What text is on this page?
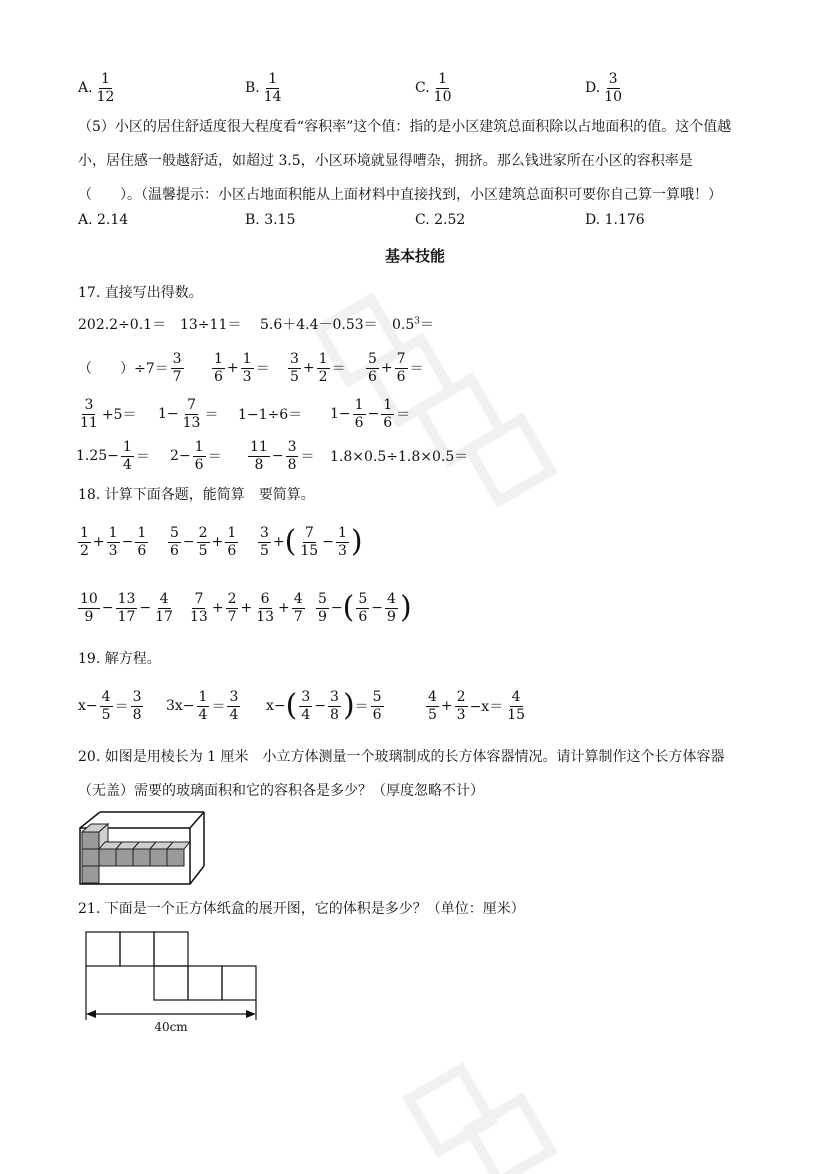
A. $\frac{1}{12}$	B. $\frac{1}{14}$	C. $\frac{1}{10}$	D. $\frac{3}{10}$

（5）小区的居住舒适度很大程度看“容积率”这个值：指的是小区建筑总面积除以占地面积的值。这个值越小，居住感一般越舒适，如超过 3.5，小区环境就显得嘈杂，拥挤。那么钱进家所在小区的容积率是（　　）。（温馨提示：小区占地面积能从上面材料中直接找到，小区建筑总面积可要你自己算一算哦！）

A. 2.14	B. 3.15	C. 2.52	D. 1.176
基本技能
17. 直接写出得数。
$202.2\div 0.1= 13\div 11= 5.6+4.4-0.53= 0.5^3=$
（　　）$\div 7= \frac{3}{7} \frac{1}{6} + \frac{1}{3} = \frac{3}{5} + \frac{1}{2} = \frac{5}{6} + \frac{7}{6}$ ＝
$\frac{3}{11} +5= 1- \frac{7}{13} = 1-1\div 6= 1- \frac{1}{6} - \frac{1}{6}$ ＝
$1.25- \frac{1}{4} = 2- \frac{1}{6} = \frac{11}{8} - \frac{3}{8} = 1.8\times 0.5\div 1.8\times 0.5=$
18. 计算下面各题，能简算　要简算。
$\frac{1}{2} + \frac{1}{3} - \frac{1}{6} \frac{5}{6} - \frac{2}{5} + \frac{1}{6} \frac{3}{5}$ + ( $\frac{7}{15} - \frac{1}{3}$ )
$\frac{10}{9} - \frac{13}{17} - \frac{4}{17} \frac{7}{13} + \frac{2}{7} + \frac{6}{13} + \frac{4}{7} \frac{5}{9}$ − ( $\frac{5}{6} - \frac{4}{9}$ )
19. 解方程。
$x- \frac{4}{5} = \frac{3}{8} 3x- \frac{1}{4} = \frac{3}{4} x-$ ( $\frac{3}{4} - \frac{3}{8}$ ) ＝ $\frac{5}{6}$	$\frac{4}{5} + \frac{2}{3} -x= \frac{4}{15}$

20. 如图是用棱长为 1 厘米　小立方体测量一个玻璃制成的长方体容器情况。请计算制作这个长方体容器（无盖）需要的玻璃面积和它的容积各是多少？（厚度忽略不计）

21. 下面是一个正方体纸盒的展开图，它的体积是多少？（单位：厘米）
40cm
